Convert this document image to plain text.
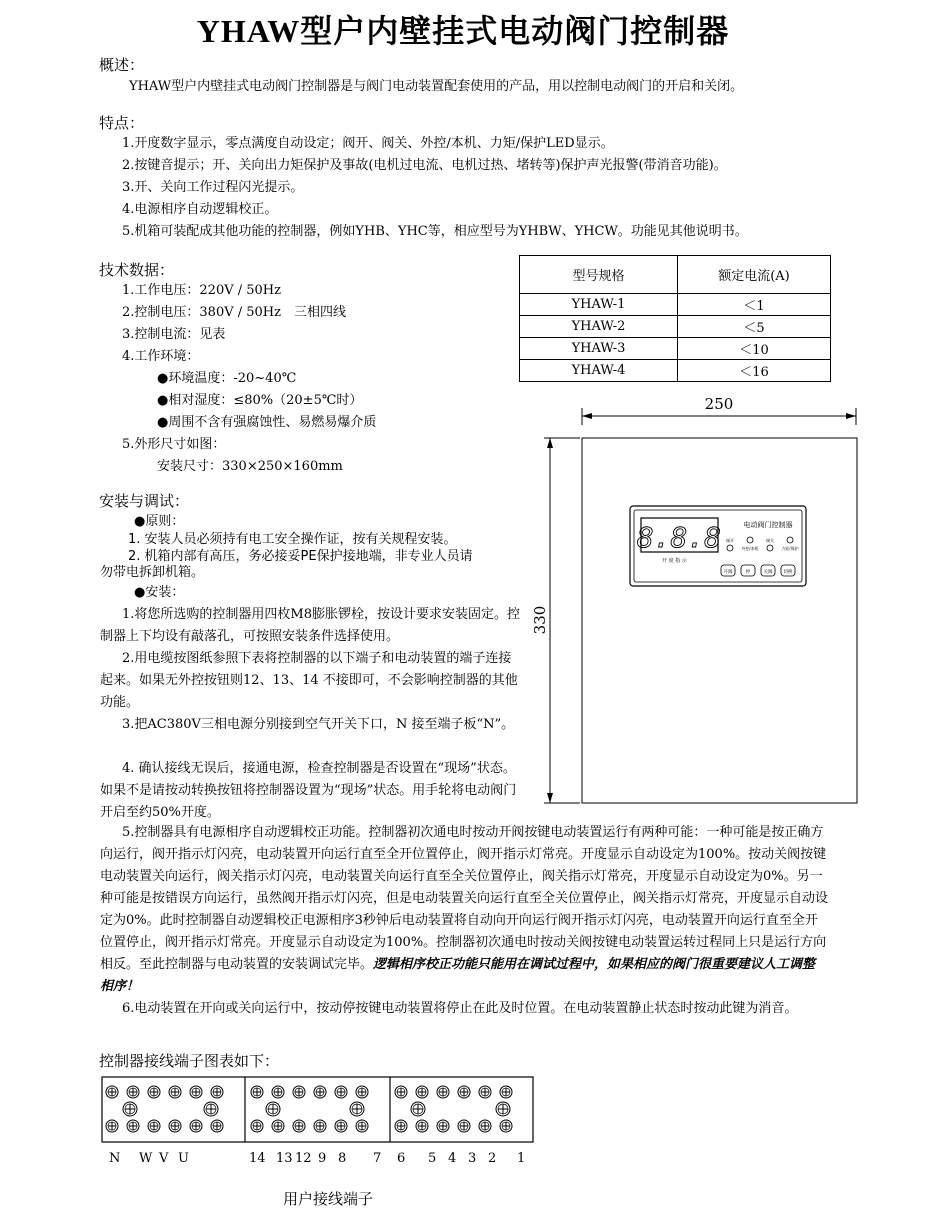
YHAW型户内壁挂式电动阀门控制器
概述：
YHAW型户内壁挂式电动阀门控制器是与阀门电动装置配套使用的产品，用以控制电动阀门的开启和关闭。
特点：
1.开度数字显示，零点满度自动设定；阀开、阀关、外控/本机、力矩/保护LED显示。
2.按键音提示；开、关向出力矩保护及事故(电机过电流、电机过热、堵转等)保护声光报警(带消音功能)。
3.开、关向工作过程闪光提示。
4.电源相序自动逻辑校正。
5.机箱可装配成其他功能的控制器，例如YHB、YHC等，相应型号为YHBW、YHCW。功能见其他说明书。
技术数据：
1.工作电压：220V / 50Hz
2.控制电压：380V / 50Hz　三相四线
3.控制电流：见表
4.工作环境：
●环境温度：-20~40℃
●相对湿度：≤80%（20±5℃时）
●周围不含有强腐蚀性、易燃易爆介质
5.外形尺寸如图：
安装尺寸：330×250×160mm
型号规格	额定电流(A)
YHAW-1	＜1
YHAW-2	＜5
YHAW-3	＜10
YHAW-4	＜16
250
330
8.8.8
开 度 指 示
电动阀门控制器
阀开
外控/本机
阀关
力矩/保护
开阀	停	关阀 切换
安装与调试：
●原则：
1. 安装人员必须持有电工安全操作证，按有关规程安装。
2. 机箱内部有高压，务必接妥PE保护接地端，非专业人员请
勿带电拆卸机箱。
●安装：
1.将您所选购的控制器用四枚M8膨胀锣栓，按设计要求安装固定。控制器上下均设有敲落孔，可按照安装条件选择使用。
2.用电缆按图纸参照下表将控制器的以下端子和电动装置的端子连接起来。如果无外控按钮则12、13、14 不接即可，不会影响控制器的其他功能。
3.把AC380V三相电源分别接到空气开关下口，N 接至端子板“N”。
4. 确认接线无误后，接通电源，检查控制器是否设置在“现场”状态。如果不是请按动转换按钮将控制器设置为“现场”状态。用手轮将电动阀门开启至约50%开度。
5.控制器具有电源相序自动逻辑校正功能。控制器初次通电时按动开阀按键电动装置运行有两种可能：一种可能是按正确方向运行，阀开指示灯闪亮，电动装置开向运行直至全开位置停止，阀开指示灯常亮。开度显示自动设定为100%。按动关阀按键电动装置关向运行，阀关指示灯闪亮，电动装置关向运行直至全关位置停止，阀关指示灯常亮，开度显示自动设定为0%。另一种可能是按错误方向运行，虽然阀开指示灯闪亮，但是电动装置关向运行直至全关位置停止，阀关指示灯常亮，开度显示自动设定为0%。此时控制器自动逻辑校正电源相序3秒钟后电动装置将自动向开向运行阀开指示灯闪亮，电动装置开向运行直至全开位置停止，阀开指示灯常亮。开度显示自动设定为100%。控制器初次通电时按动关阀按键电动装置运转过程同上只是运行方向相反。至此控制器与电动装置的安装调试完毕。逻辑相序校正功能只能用在调试过程中，如果相应的阀门很重要建议人工调整相序！
6.电动装置在开向或关向运行中，按动停按键电动装置将停止在此及时位置。在电动装置静止状态时按动此键为消音。
控制器接线端子图表如下：
N W V U	14 13 12 9 8 7 6 5 4 3 2 1
用户接线端子
